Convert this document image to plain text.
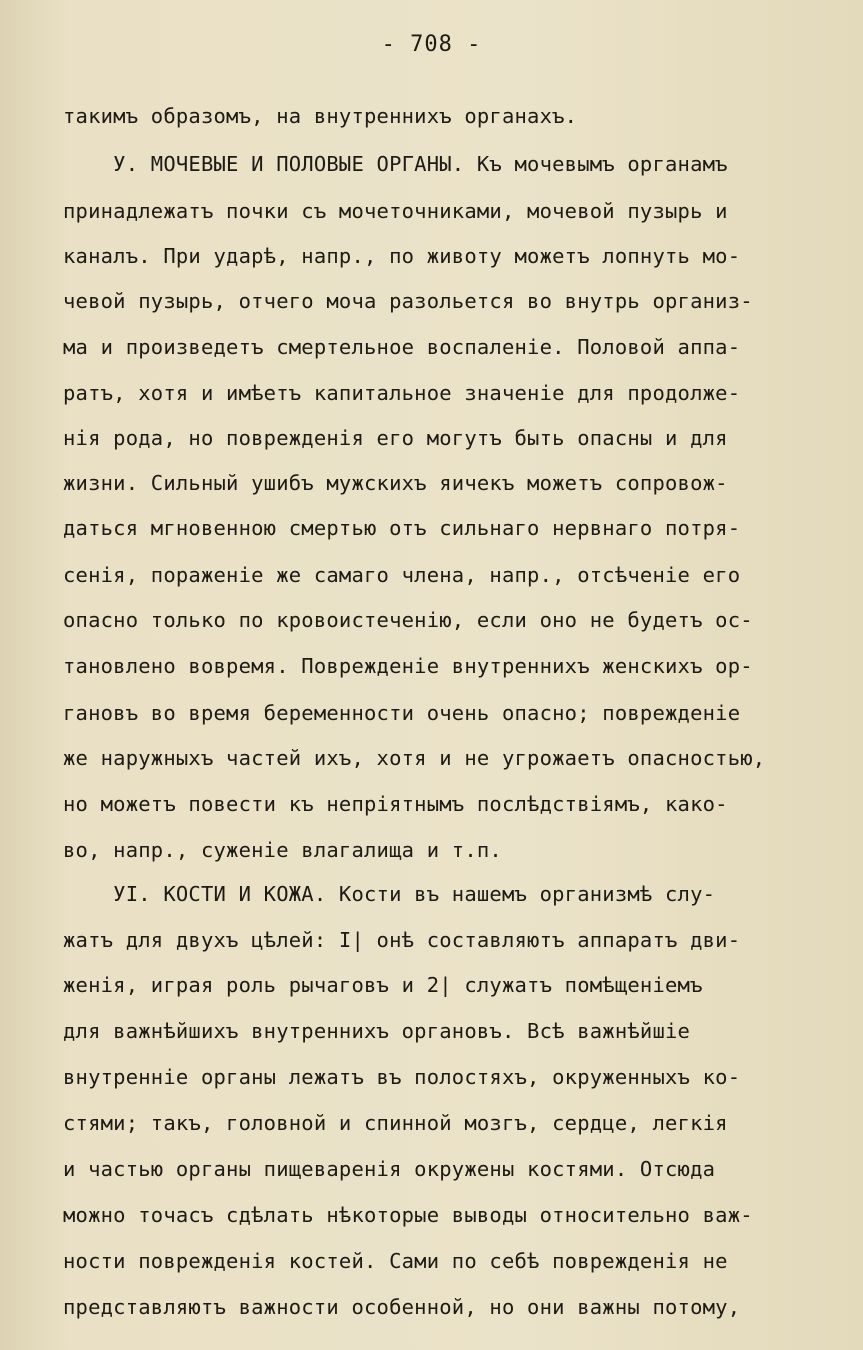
- 708 -
такимъ образомъ, на внутреннихъ органахъ.
У. МОЧЕВЫЕ И ПОЛОВЫЕ ОРГАНЫ. Къ мочевымъ органамъ
принадлежатъ почки съ мочеточниками, мочевой пузырь и
каналъ. При ударѣ, напр., по животу можетъ лопнуть мо-
чевой пузырь, отчего моча разольется во внутрь организ-
ма и произведетъ смертельное воспаленіе. Половой аппа-
ратъ, хотя и имѣетъ капитальное значеніе для продолже-
нія рода, но поврежденія его могутъ быть опасны и для
жизни. Сильный ушибъ мужскихъ яичекъ можетъ сопровож-
даться мгновенною смертью отъ сильнаго нервнаго потря-
сенія, пораженіе же самаго члена, напр., отсѣченіе его
опасно только по кровоистеченію, если оно не будетъ ос-
тановлено вовремя. Поврежденіе внутреннихъ женскихъ ор-
гановъ во время беременности очень опасно; поврежденіе
же наружныхъ частей ихъ, хотя и не угрожаетъ опасностью,
но можетъ повести къ непріятнымъ послѣдствіямъ, како-
во, напр., суженіе влагалища и т.п.
УІ. КОСТИ И КОЖА. Кости въ нашемъ организмѣ слу-
жатъ для двухъ цѣлей: І| онѣ составляютъ аппаратъ дви-
женія, играя роль рычаговъ и 2| служатъ помѣщеніемъ
для важнѣйшихъ внутреннихъ органовъ. Всѣ важнѣйшіе
внутренніе органы лежатъ въ полостяхъ, окруженныхъ ко-
стями; такъ, головной и спинной мозгъ, сердце, легкія
и частью органы пищеваренія окружены костями. Отсюда
можно точасъ сдѣлать нѣкоторые выводы относительно важ-
ности поврежденія костей. Сами по себѣ поврежденія не
представляютъ важности особенной, но они важны потому,
